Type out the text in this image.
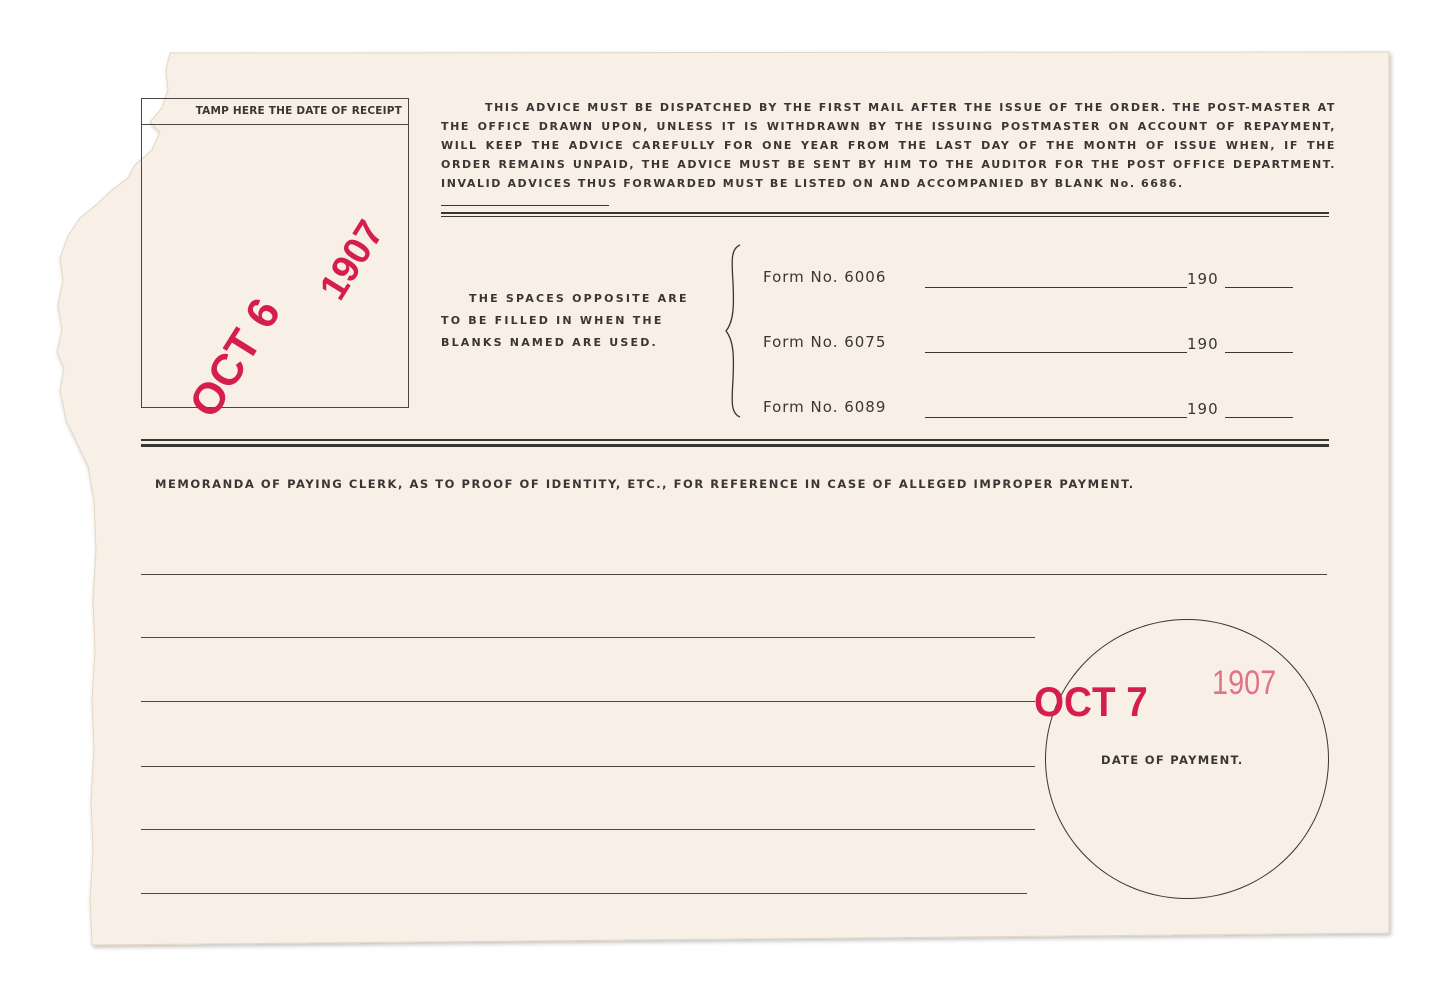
TAMP HERE THE DATE OF RECEIPT
OCT 6
1907
THIS ADVICE MUST BE DISPATCHED BY THE FIRST MAIL AFTER THE ISSUE OF THE ORDER. THE POST-MASTER AT THE OFFICE DRAWN UPON, UNLESS IT IS WITHDRAWN BY THE ISSUING POSTMASTER ON ACCOUNT OF REPAYMENT, WILL KEEP THE ADVICE CAREFULLY FOR ONE YEAR FROM THE LAST DAY OF THE MONTH OF ISSUE WHEN, IF THE ORDER REMAINS UNPAID, THE ADVICE MUST BE SENT BY HIM TO THE AUDITOR FOR THE POST OFFICE DEPARTMENT. INVALID ADVICES THUS FORWARDED MUST BE LISTED ON AND ACCOMPANIED BY BLANK No. 6686.
THE SPACES OPPOSITE ARE TO BE FILLED IN WHEN THE BLANKS NAMED ARE USED.
Form No. 6006	190
Form No. 6075	190
Form No. 6089	190
MEMORANDA OF PAYING CLERK, AS TO PROOF OF IDENTITY, ETC., FOR REFERENCE IN CASE OF ALLEGED IMPROPER PAYMENT.
OCT 7 1907
DATE OF PAYMENT.
